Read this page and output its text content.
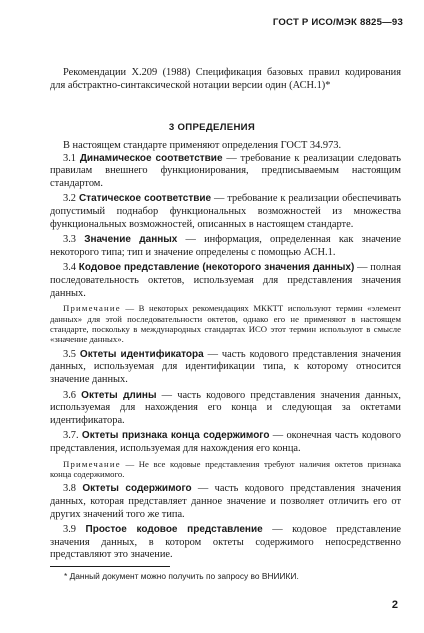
ГОСТ Р ИСО/МЭК 8825—93

Рекомендации X.209 (1988) Спецификация базовых правил кодирования для абстрактно-синтаксической нотации версии один (АСН.1)*

3 ОПРЕДЕЛЕНИЯ

В настоящем стандарте применяют определения ГОСТ 34.973.

3.1 Динамическое соответствие — требование к реализации следовать правилам внешнего функционирования, предписываемым настоящим стандартом.

3.2 Статическое соответствие — требование к реализации обеспечивать допустимый поднабор функциональных возможностей из множества функциональных возможностей, описанных в настоящем стандарте.

3.3 Значение данных — информация, определенная как значение некоторого типа; тип и значение определены с помощью АСН.1.

3.4 Кодовое представление (некоторого значения данных) — полная последовательность октетов, используемая для представления значения данных.

Примечание — В некоторых рекомендациях МККТТ используют термин «элемент данных» для этой последовательности октетов, однако его не применяют в настоящем стандарте, поскольку в международных стандартах ИСО этот термин используют в смысле «значение данных».

3.5 Октеты идентификатора — часть кодового представления значения данных, используемая для идентификации типа, к которому относится значение данных.

3.6 Октеты длины — часть кодового представления значения данных, используемая для нахождения его конца и следующая за октетами идентификатора.

3.7. Октеты признака конца содержимого — оконечная часть кодового представления, используемая для нахождения его конца.

Примечание — Не все кодовые представления требуют наличия октетов признака конца содержимого.

3.8 Октеты содержимого — часть кодового представления значения данных, которая представляет данное значение и позволяет отличить его от других значений того же типа.

3.9 Простое кодовое представление — кодовое представление значения данных, в котором октеты содержимого непосредственно представляют это значение.

* Данный документ можно получить по запросу во ВНИИКИ.
2
